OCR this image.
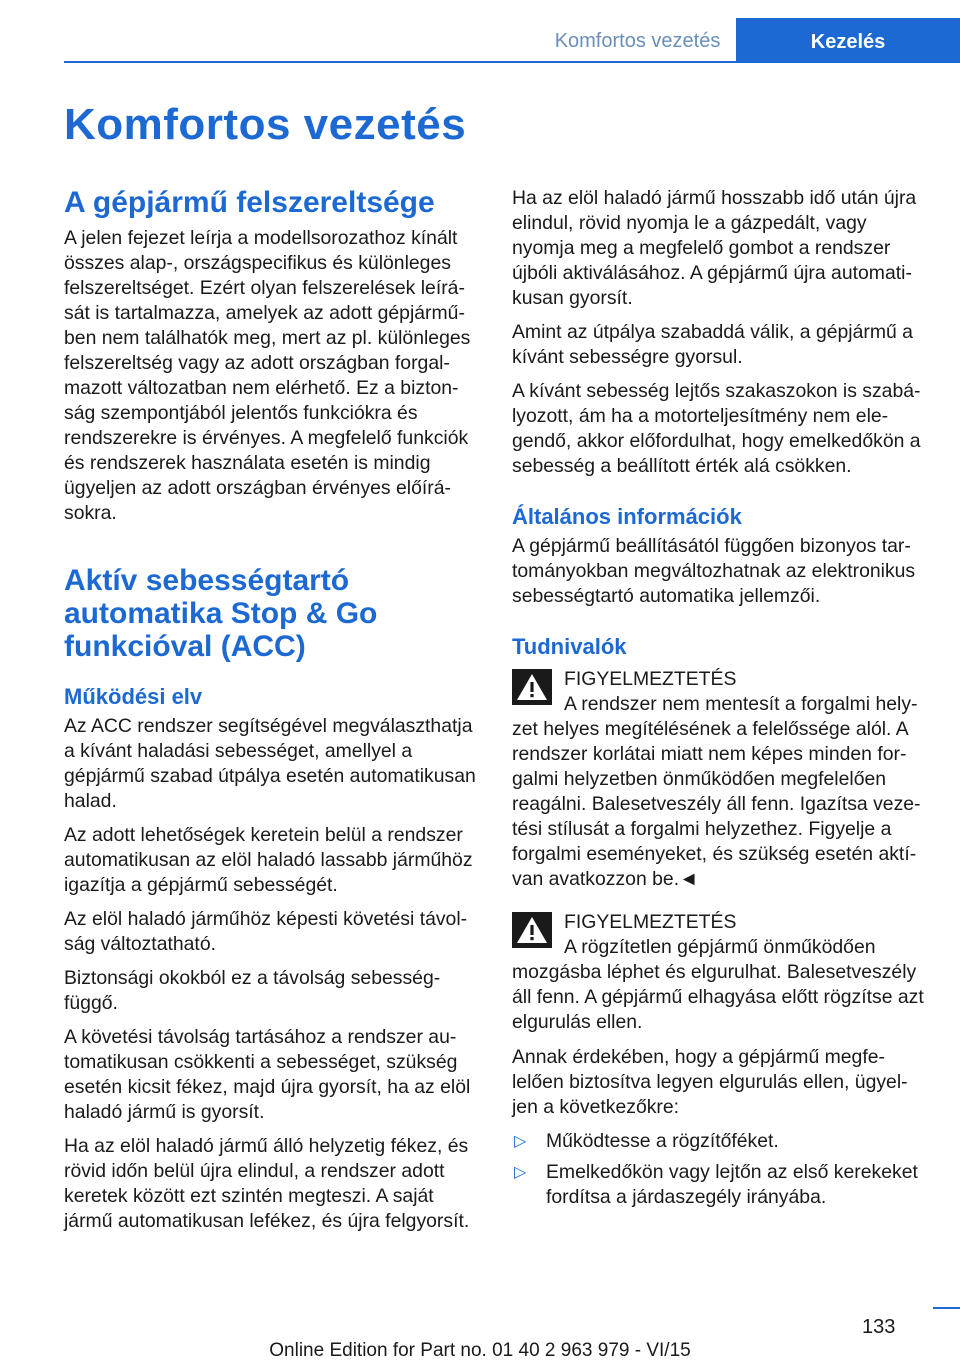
Komfortos vezetés	Kezelés
Komfortos vezetés
A gépjármű felszereltsége

A jelen fejezet leírja a modellsorozathoz kínált összes alap-, országspecifikus és különleges felszereltséget. Ezért olyan felszerelések leírását is tartalmazza, amelyek az adott gépjárműben nem találhatók meg, mert az pl. különleges felszereltség vagy az adott országban forgalmazott változatban nem elérhető. Ez a biztonság szempontjából jelentős funkciókra és rendszerekre is érvényes. A megfelelő funkciók és rendszerek használata esetén is mindig ügyeljen az adott országban érvényes előírásokra.

Aktív sebességtartó automatika Stop & Go funkcióval (ACC)
Működési elv

Az ACC rendszer segítségével megválaszthatja a kívánt haladási sebességet, amellyel a gépjármű szabad útpálya esetén automatikusan halad.

Az adott lehetőségek keretein belül a rendszer automatikusan az elöl haladó lassabb járműhöz igazítja a gépjármű sebességét.

Az elöl haladó járműhöz képesti követési távolság változtatható.

Biztonsági okokból ez a távolság sebességfüggő.

A követési távolság tartásához a rendszer automatikusan csökkenti a sebességet, szükség esetén kicsit fékez, majd újra gyorsít, ha az elöl haladó jármű is gyorsít.

Ha az elöl haladó jármű álló helyzetig fékez, és rövid időn belül újra elindul, a rendszer adott keretek között ezt szintén megteszi. A saját jármű automatikusan lefékez, és újra felgyorsít.

Ha az elöl haladó jármű hosszabb idő után újra elindul, rövid nyomja le a gázpedált, vagy nyomja meg a megfelelő gombot a rendszer újbóli aktiválásához. A gépjármű újra automatikusan gyorsít.

Amint az útpálya szabaddá válik, a gépjármű a kívánt sebességre gyorsul.

A kívánt sebesség lejtős szakaszokon is szabályozott, ám ha a motorteljesítmény nem elegendő, akkor előfordulhat, hogy emelkedőkön a sebesség a beállított érték alá csökken.

Általános információk

A gépjármű beállításától függően bizonyos tartományokban megváltozhatnak az elektronikus sebességtartó automatika jellemzői.

Tudnivalók
FIGYELMEZTETÉS
A rendszer nem mentesít a forgalmi helyzet helyes megítélésének a felelőssége alól. A rendszer korlátai miatt nem képes minden forgalmi helyzetben önműködően megfelelően reagálni. Balesetveszély áll fenn. Igazítsa vezetési stílusát a forgalmi helyzethez. Figyelje a forgalmi eseményeket, és szükség esetén aktívan avatkozzon be.◄
FIGYELMEZTETÉS
A rögzítetlen gépjármű önműködően mozgásba léphet és elgurulhat. Balesetveszély áll fenn. A gépjármű elhagyása előtt rögzítse azt elgurulás ellen.

Annak érdekében, hogy a gépjármű megfelelően biztosítva legyen elgurulás ellen, ügyeljen a következőkre:

▷ Működtesse a rögzítőféket.
▷ Emelkedőkön vagy lejtőn az első kerekeket fordítsa a járdaszegély irányába.
133
Online Edition for Part no. 01 40 2 963 979 - VI/15
